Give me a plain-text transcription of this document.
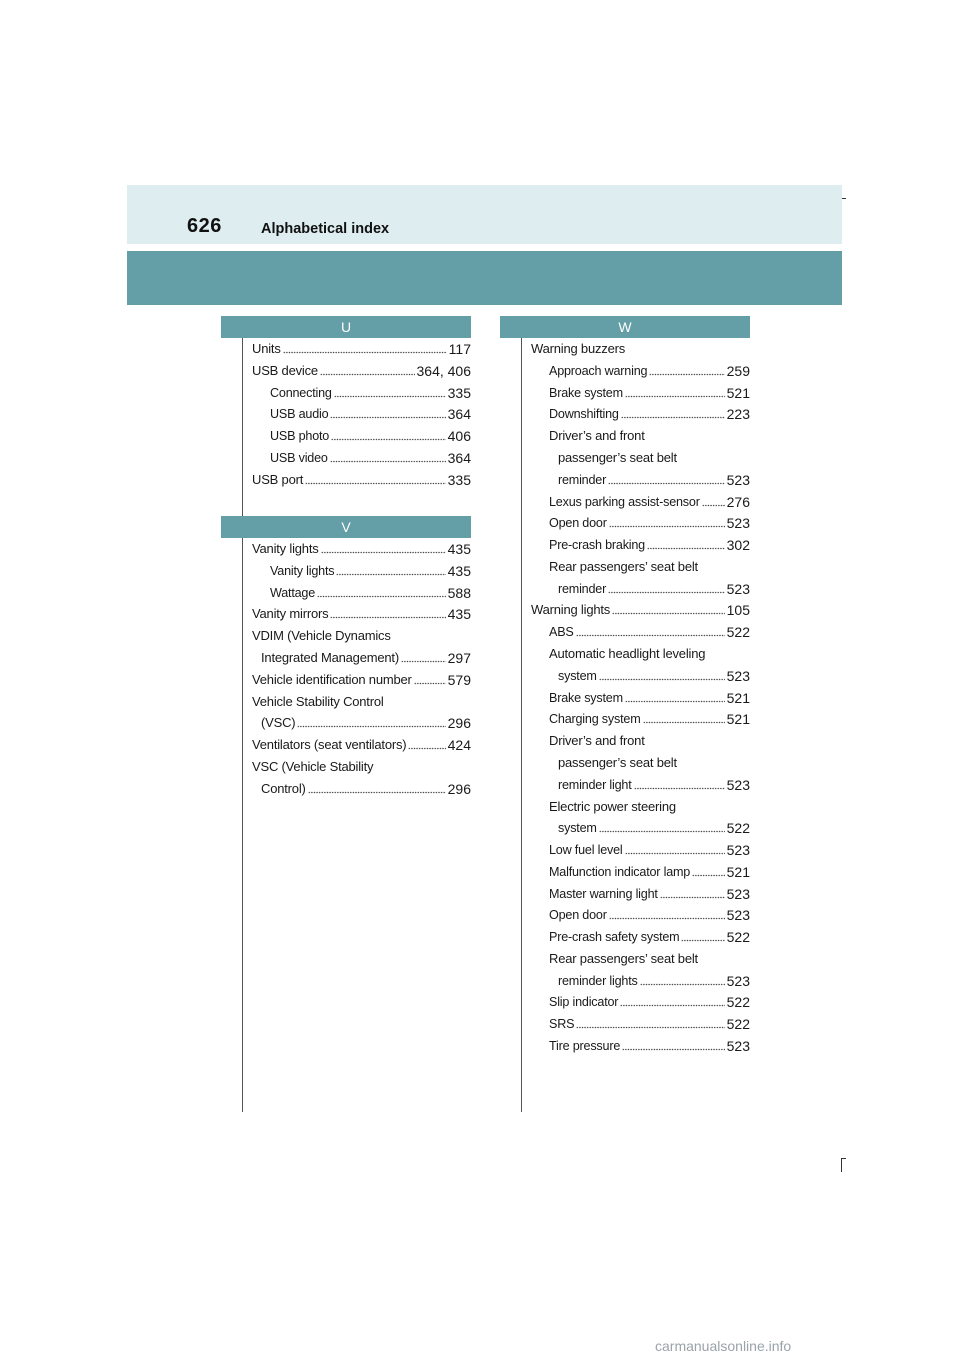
626	Alphabetical index
U
V
W
Units	117
USB device	364, 406
Connecting	335
USB audio	364
USB photo	406
USB video	364
USB port	335
Vanity lights	435
Vanity lights	435
Wattage	588
Vanity mirrors	435
VDIM (Vehicle Dynamics
Integrated Management)	297
Vehicle identification number	579
Vehicle Stability Control
(VSC)	296
Ventilators (seat ventilators)	424
VSC (Vehicle Stability
Control)	296
Warning buzzers
Approach warning	259
Brake system	521
Downshifting	223
Driver’s and front
passenger’s seat belt
reminder	523
Lexus parking assist-sensor 276
Open door	523
Pre-crash braking	302
Rear passengers’ seat belt
reminder	523
Warning lights	105
ABS	522
Automatic headlight leveling
system	523
Brake system	521
Charging system	521
Driver’s and front
passenger’s seat belt
reminder light	523
Electric power steering
system	522
Low fuel level	523
Malfunction indicator lamp	521
Master warning light	523
Open door	523
Pre-crash safety system	522
Rear passengers’ seat belt
reminder lights	523
Slip indicator	522
SRS	522
Tire pressure	523
carmanualsonline.info
